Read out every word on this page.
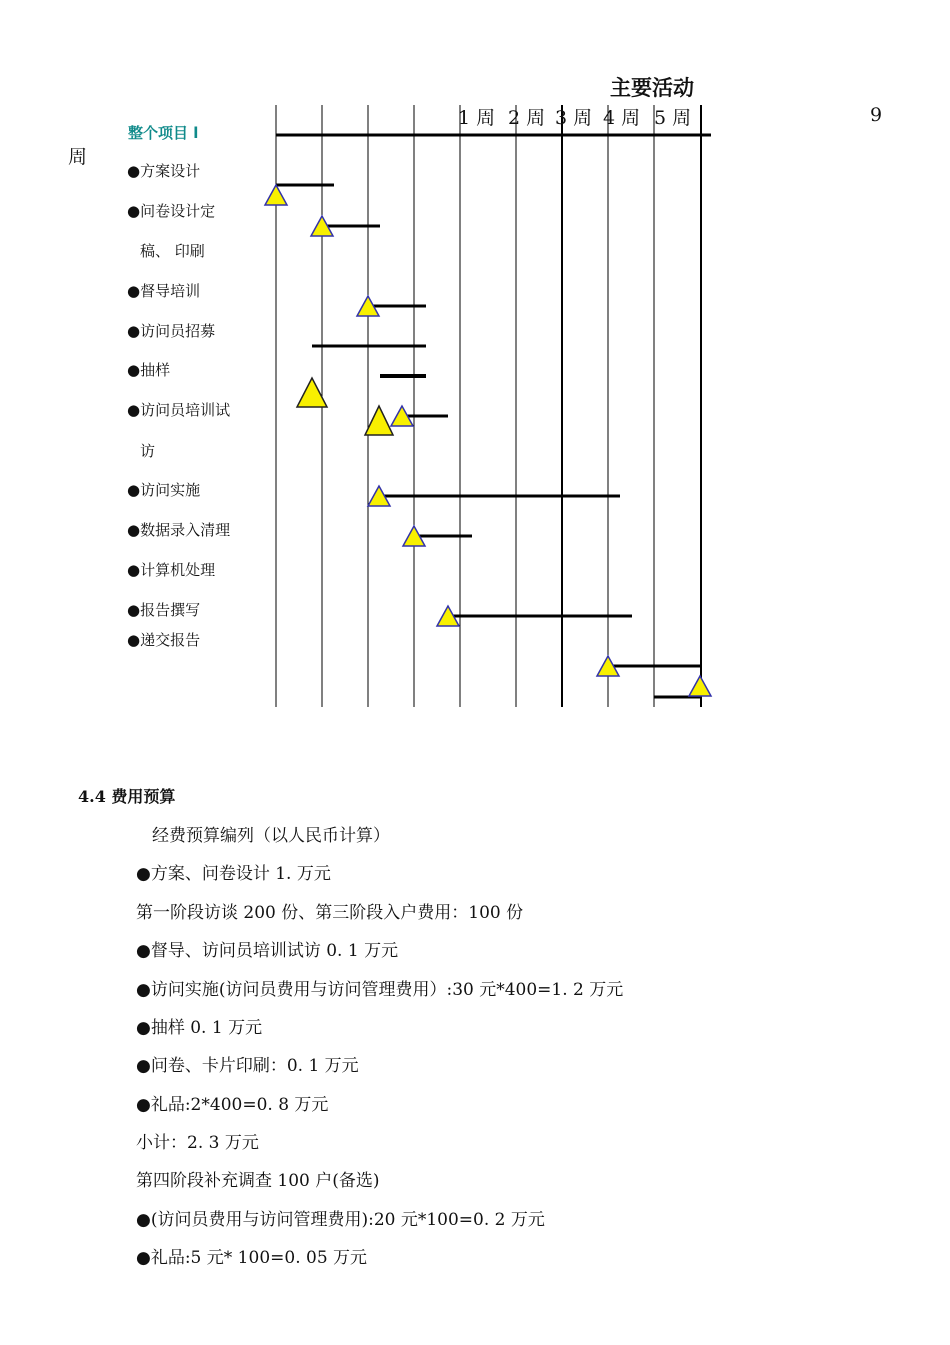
主要活动
9
周
1 周 2 周 3 周 4 周 5 周
整个项目 l
●方案设计
●问卷设计定
稿、 印刷
●督导培训
●访问员招募
●抽样
●访问员培训试
访
●访问实施
●数据录入清理
●计算机处理
●报告撰写
●递交报告
4.4 费用预算
经费预算编列（以人民币计算）
●方案、问卷设计 1. 万元
第一阶段访谈 200 份、第三阶段入户费用：100 份
●督导、访问员培训试访 0. 1 万元
●访问实施(访问员费用与访问管理费用）:30 元*400=1. 2 万元
●抽样 0. 1 万元
●问卷、卡片印刷：0. 1 万元
●礼品:2*400=0. 8 万元
小计：2. 3 万元
第四阶段补充调查 100 户(备选)
●(访问员费用与访问管理费用):20 元*100=0. 2 万元
●礼品:5 元* 100=0. 05 万元
